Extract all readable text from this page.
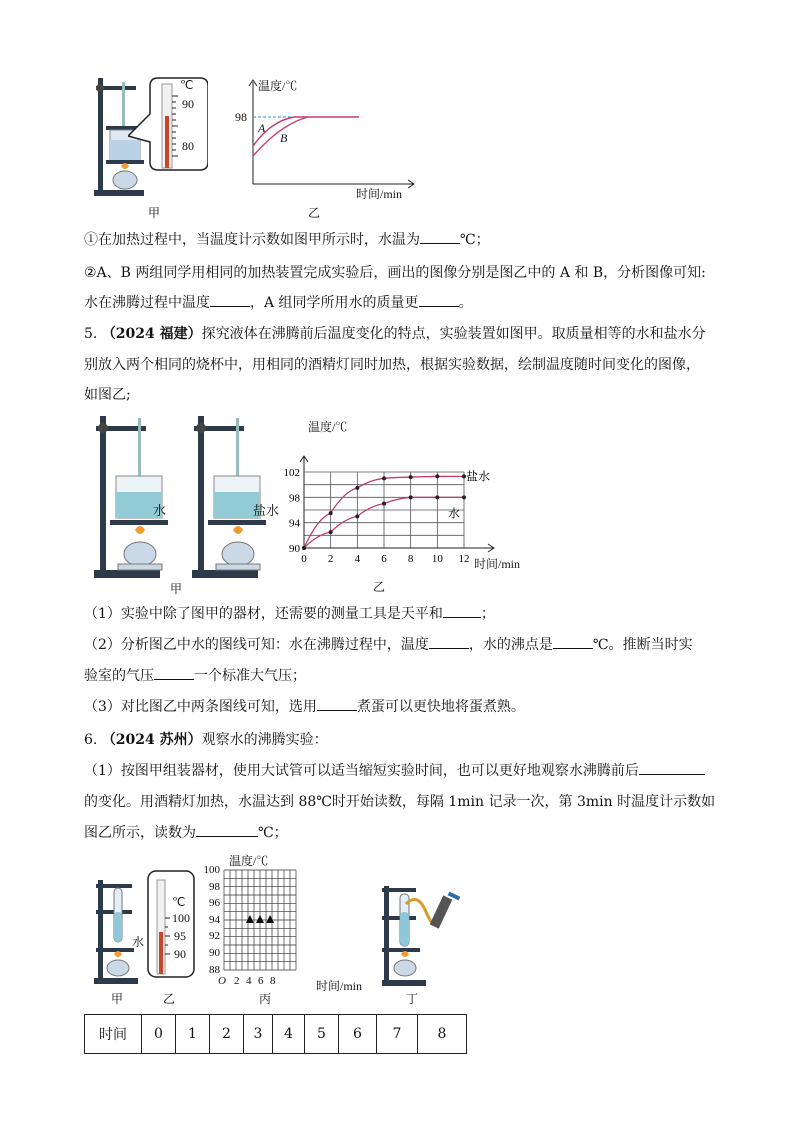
甲
℃
90
80
温度/℃
98
A
B
时间/min
乙
①在加热过程中，当温度计示数如图甲所示时，水温为	℃；
②A、B 两组同学用相同的加热装置完成实验后，画出的图像分别是图乙中的 A 和 B，分析图像可知:
水在沸腾过程中温度	，A 组同学所用水的质量更	。
5. （2024 福建）探究液体在沸腾前后温度变化的特点，实验装置如图甲。取质量相等的水和盐水分
别放入两个相同的烧杯中，用相同的酒精灯同时加热，根据实验数据，绘制温度随时间变化的图像，
如图乙;
水	盐水
甲
102
98
94
90
0 2 4 6 8 10 12
盐水
水
温度/℃
时间/min
乙
（1）实验中除了图甲的器材，还需要的测量工具是天平和	；
（2）分析图乙中水的图线可知：水在沸腾过程中，温度	，水的沸点是	℃。推断当时实
验室的气压	一个标准大气压；
（3）对比图乙中两条图线可知，选用	煮蛋可以更快地将蛋煮熟。
6. （2024 苏州）观察水的沸腾实验：
（1）按图甲组装器材，使用大试管可以适当缩短实验时间，也可以更好地观察水沸腾前后
的变化。用酒精灯加热，水温达到 88℃时开始读数，每隔 1min 记录一次，第 3min 时温度计示数如
图乙所示，读数为	℃；
水
甲
℃
100
95
90
乙
温度/℃
100
98
96
94
92
90
88
O 2 4 6 8	时间/min
丙	丁
时间	0	1	2	3	4	5	6	7	8
